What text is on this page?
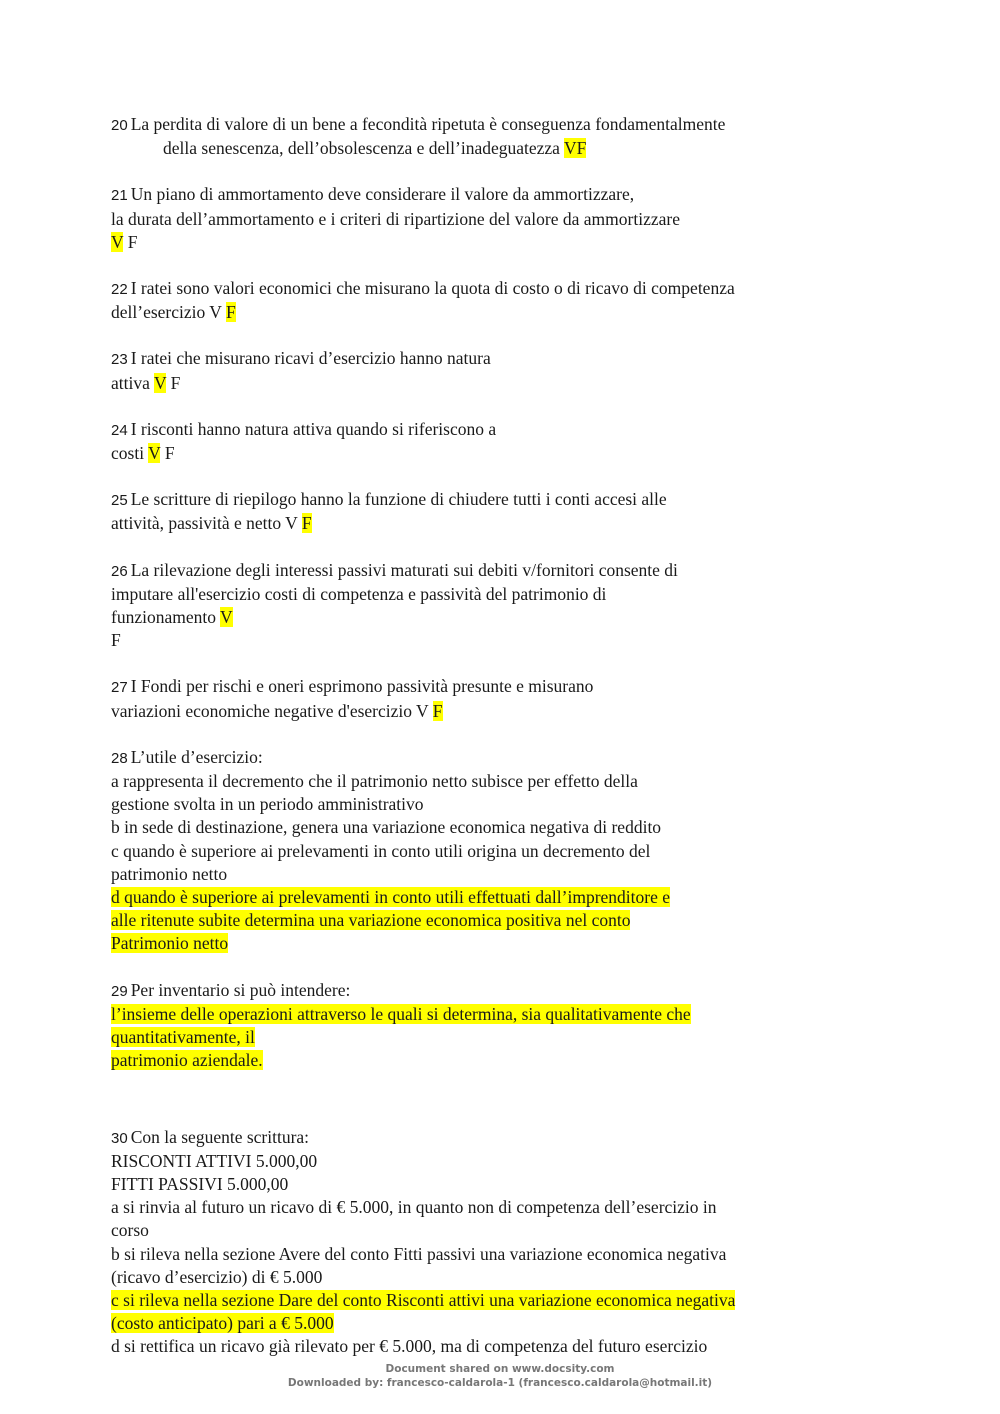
20 La perdita di valore di un bene a fecondità ripetuta è conseguenza fondamentalmente
della senescenza, dell’obsolescenza e dell’inadeguatezza VF
21 Un piano di ammortamento deve considerare il valore da ammortizzare,
la durata dell’ammortamento e i criteri di ripartizione del valore da ammortizzare
V F
22 I ratei sono valori economici che misurano la quota di costo o di ricavo di competenza
dell’esercizio V F
23 I ratei che misurano ricavi d’esercizio hanno natura
attiva V F
24 I risconti hanno natura attiva quando si riferiscono a
costi V F
25 Le scritture di riepilogo hanno la funzione di chiudere tutti i conti accesi alle
attività, passività e netto V F
26 La rilevazione degli interessi passivi maturati sui debiti v/fornitori consente di
imputare all'esercizio costi di competenza e passività del patrimonio di
funzionamento V
F
27 I Fondi per rischi e oneri esprimono passività presunte e misurano
variazioni economiche negative d'esercizio V F
28 L’utile d’esercizio:
a rappresenta il decremento che il patrimonio netto subisce per effetto della
gestione svolta in un periodo amministrativo
b in sede di destinazione, genera una variazione economica negativa di reddito
c quando è superiore ai prelevamenti in conto utili origina un decremento del
patrimonio netto
d quando è superiore ai prelevamenti in conto utili effettuati dall’imprenditore e
alle ritenute subite determina una variazione economica positiva nel conto
Patrimonio netto
29 Per inventario si può intendere:
l’insieme delle operazioni attraverso le quali si determina, sia qualitativamente che
quantitativamente, il
patrimonio aziendale.
30 Con la seguente scrittura:
RISCONTI ATTIVI 5.000,00
FITTI PASSIVI 5.000,00
a si rinvia al futuro un ricavo di € 5.000, in quanto non di competenza dell’esercizio in
corso
b si rileva nella sezione Avere del conto Fitti passivi una variazione economica negativa
(ricavo d’esercizio) di € 5.000
c si rileva nella sezione Dare del conto Risconti attivi una variazione economica negativa
(costo anticipato) pari a € 5.000
d si rettifica un ricavo già rilevato per € 5.000, ma di competenza del futuro esercizio
Document shared on www.docsity.com
Downloaded by: francesco-caldarola-1 (francesco.caldarola@hotmail.it)
